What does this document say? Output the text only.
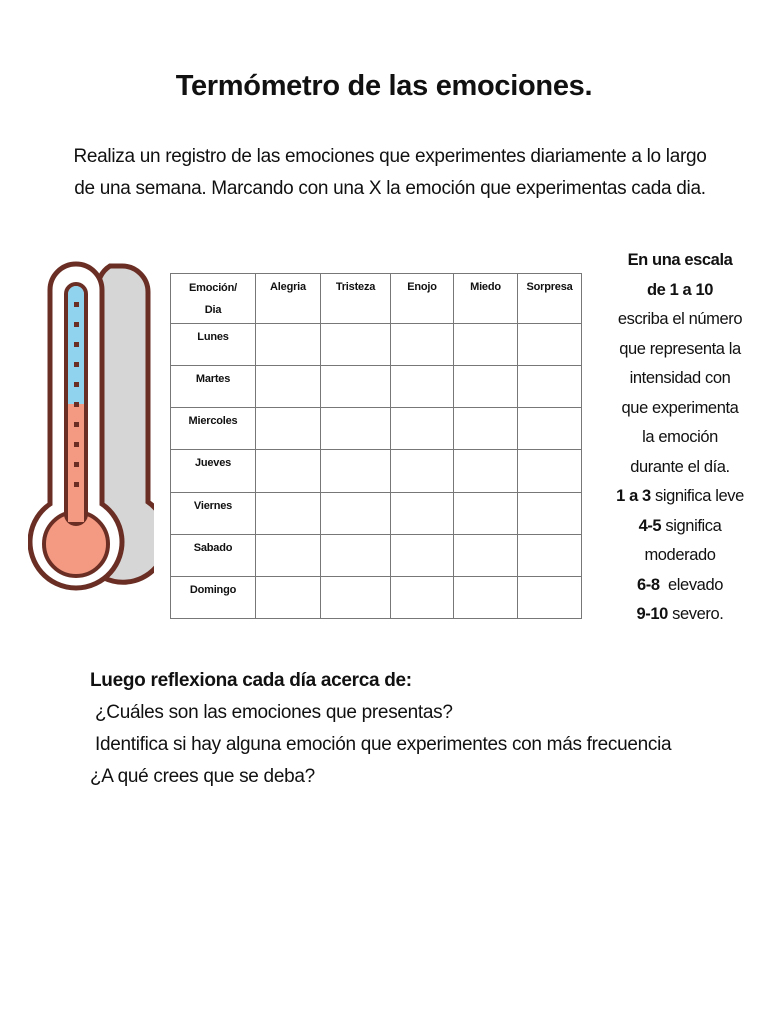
Termómetro de las emociones.
Realiza un registro de las emociones que experimentes diariamente a lo largo
de una semana. Marcando con una X la emoción que experimentas cada dia.
Emoción/
Dia	Alegria	Tristeza	Enojo	Miedo	Sorpresa
Lunes					
Martes					
Miercoles					
Jueves					
Viernes					
Sabado					
Domingo					
En una escala
de 1 a 10
escriba el número
que representa la
intensidad con
que experimenta
la emoción
durante el día.
1 a 3 significa leve
4-5 significa
moderado
6-8  elevado
9-10 severo.
Luego reflexiona cada día acerca de:
¿Cuáles son las emociones que presentas?
Identifica si hay alguna emoción que experimentes con más frecuencia
¿A qué crees que se deba?
